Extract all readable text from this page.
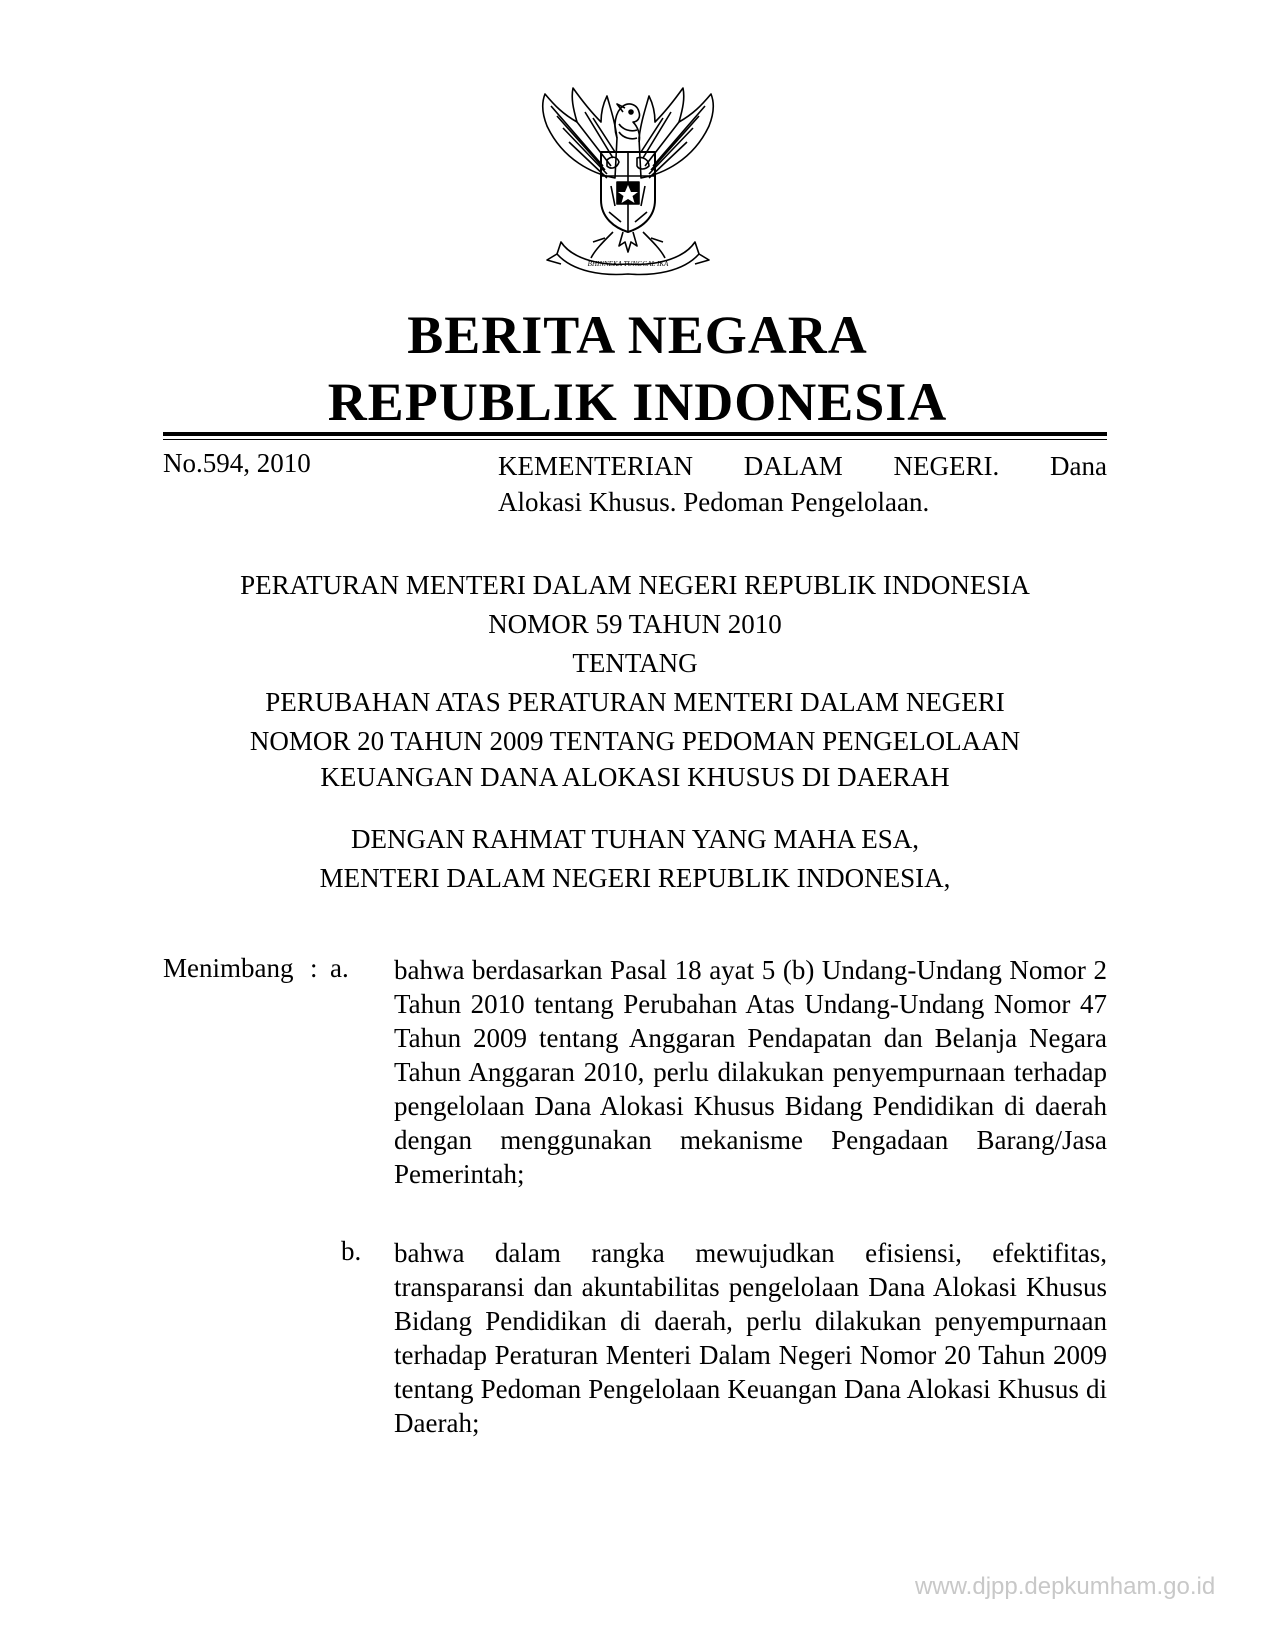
BHINNEKA TUNGGAL IKA
BERITA NEGARA
REPUBLIK INDONESIA
No.594, 2010	KEMENTERIAN DALAM NEGERI. Dana
Alokasi Khusus. Pedoman Pengelolaan.
PERATURAN MENTERI DALAM NEGERI REPUBLIK INDONESIA
NOMOR 59 TAHUN 2010
TENTANG
PERUBAHAN ATAS PERATURAN MENTERI DALAM NEGERI
NOMOR 20 TAHUN 2009 TENTANG PEDOMAN PENGELOLAAN
KEUANGAN DANA ALOKASI KHUSUS DI DAERAH
DENGAN RAHMAT TUHAN YANG MAHA ESA,
MENTERI DALAM NEGERI REPUBLIK INDONESIA,
Menimbang : a. bahwa berdasarkan Pasal 18 ayat 5 (b) Undang-Undang Nomor 2 Tahun 2010 tentang Perubahan Atas Undang-Undang Nomor 47 Tahun 2009 tentang Anggaran Pendapatan dan Belanja Negara Tahun Anggaran 2010, perlu dilakukan penyempurnaan terhadap pengelolaan Dana Alokasi Khusus Bidang Pendidikan di daerah dengan menggunakan mekanisme Pengadaan Barang/Jasa Pemerintah;
b. bahwa dalam rangka mewujudkan efisiensi, efektifitas, transparansi dan akuntabilitas pengelolaan Dana Alokasi Khusus Bidang Pendidikan di daerah, perlu dilakukan penyempurnaan terhadap Peraturan Menteri Dalam Negeri Nomor 20 Tahun 2009 tentang Pedoman Pengelolaan Keuangan Dana Alokasi Khusus di Daerah;
www.djpp.depkumham.go.id
